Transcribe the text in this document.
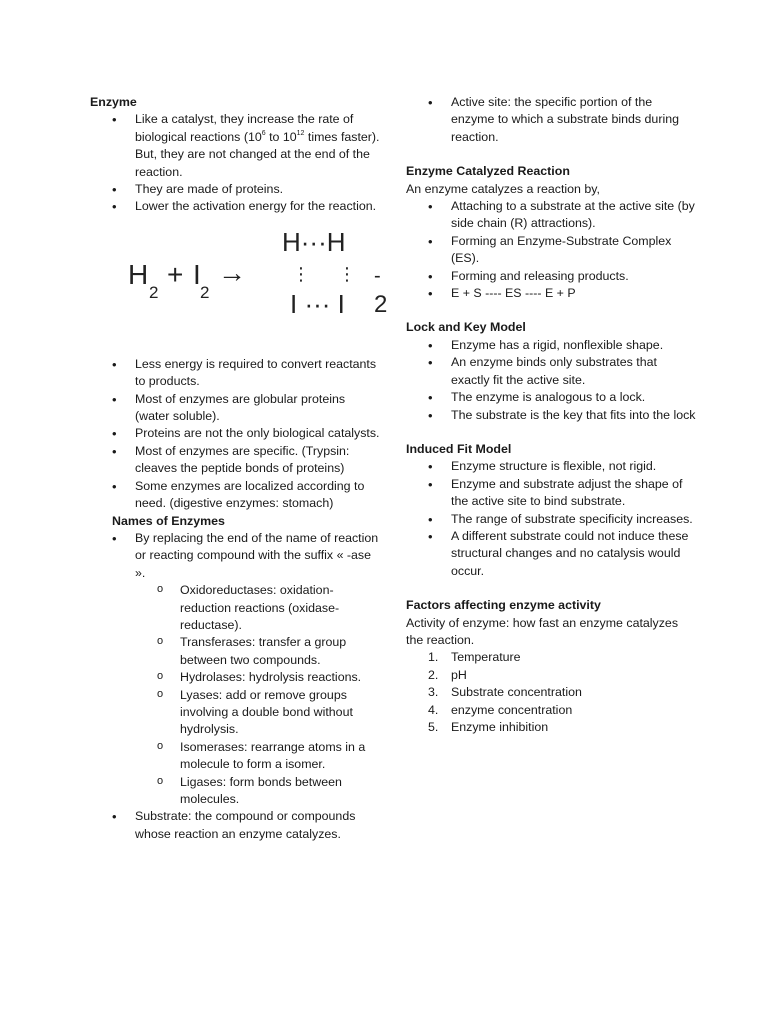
Enzyme
• Like a catalyst, they increase the rate of biological reactions ($10^6$ to $10^{12}$ times faster). But, they are not changed at the end of the reaction.
• They are made of proteins.
• Lower the activation energy for the reaction.
H
2
+ I
2
→
H···H
⋮ ⋮
I ··· I
-
2
• Less energy is required to convert reactants to products.
• Most of enzymes are globular proteins (water soluble).
• Proteins are not the only biological catalysts.
• Most of enzymes are specific. (Trypsin: cleaves the peptide bonds of proteins)
• Some enzymes are localized according to need. (digestive enzymes: stomach)
Names of Enzymes
• By replacing the end of the name of reaction or reacting compound with the suffix « -ase ».
o Oxidoreductases: oxidation-reduction reactions (oxidase-reductase).
o Transferases: transfer a group between two compounds.
o Hydrolases: hydrolysis reactions.
o Lyases: add or remove groups involving a double bond without hydrolysis.
o Isomerases: rearrange atoms in a molecule to form a isomer.
o Ligases: form bonds between molecules.
• Substrate: the compound or compounds whose reaction an enzyme catalyzes.
• Active site: the specific portion of the enzyme to which a substrate binds during reaction.
Enzyme Catalyzed Reaction

An enzyme catalyzes a reaction by,

• Attaching to a substrate at the active site (by side chain (R) attractions).
• Forming an Enzyme-Substrate Complex (ES).
• Forming and releasing products.
• E + S ---- ES ---- E + P
Lock and Key Model
• Enzyme has a rigid, nonflexible shape.
• An enzyme binds only substrates that exactly fit the active site.
• The enzyme is analogous to a lock.
• The substrate is the key that fits into the lock
Induced Fit Model
• Enzyme structure is flexible, not rigid.
• Enzyme and substrate adjust the shape of the active site to bind substrate.
• The range of substrate specificity increases.
• A different substrate could not induce these structural changes and no catalysis would occur.
Factors affecting enzyme activity

Activity of enzyme: how fast an enzyme catalyzes the reaction.

Temperature
pH
Substrate concentration
enzyme concentration
Enzyme inhibition
